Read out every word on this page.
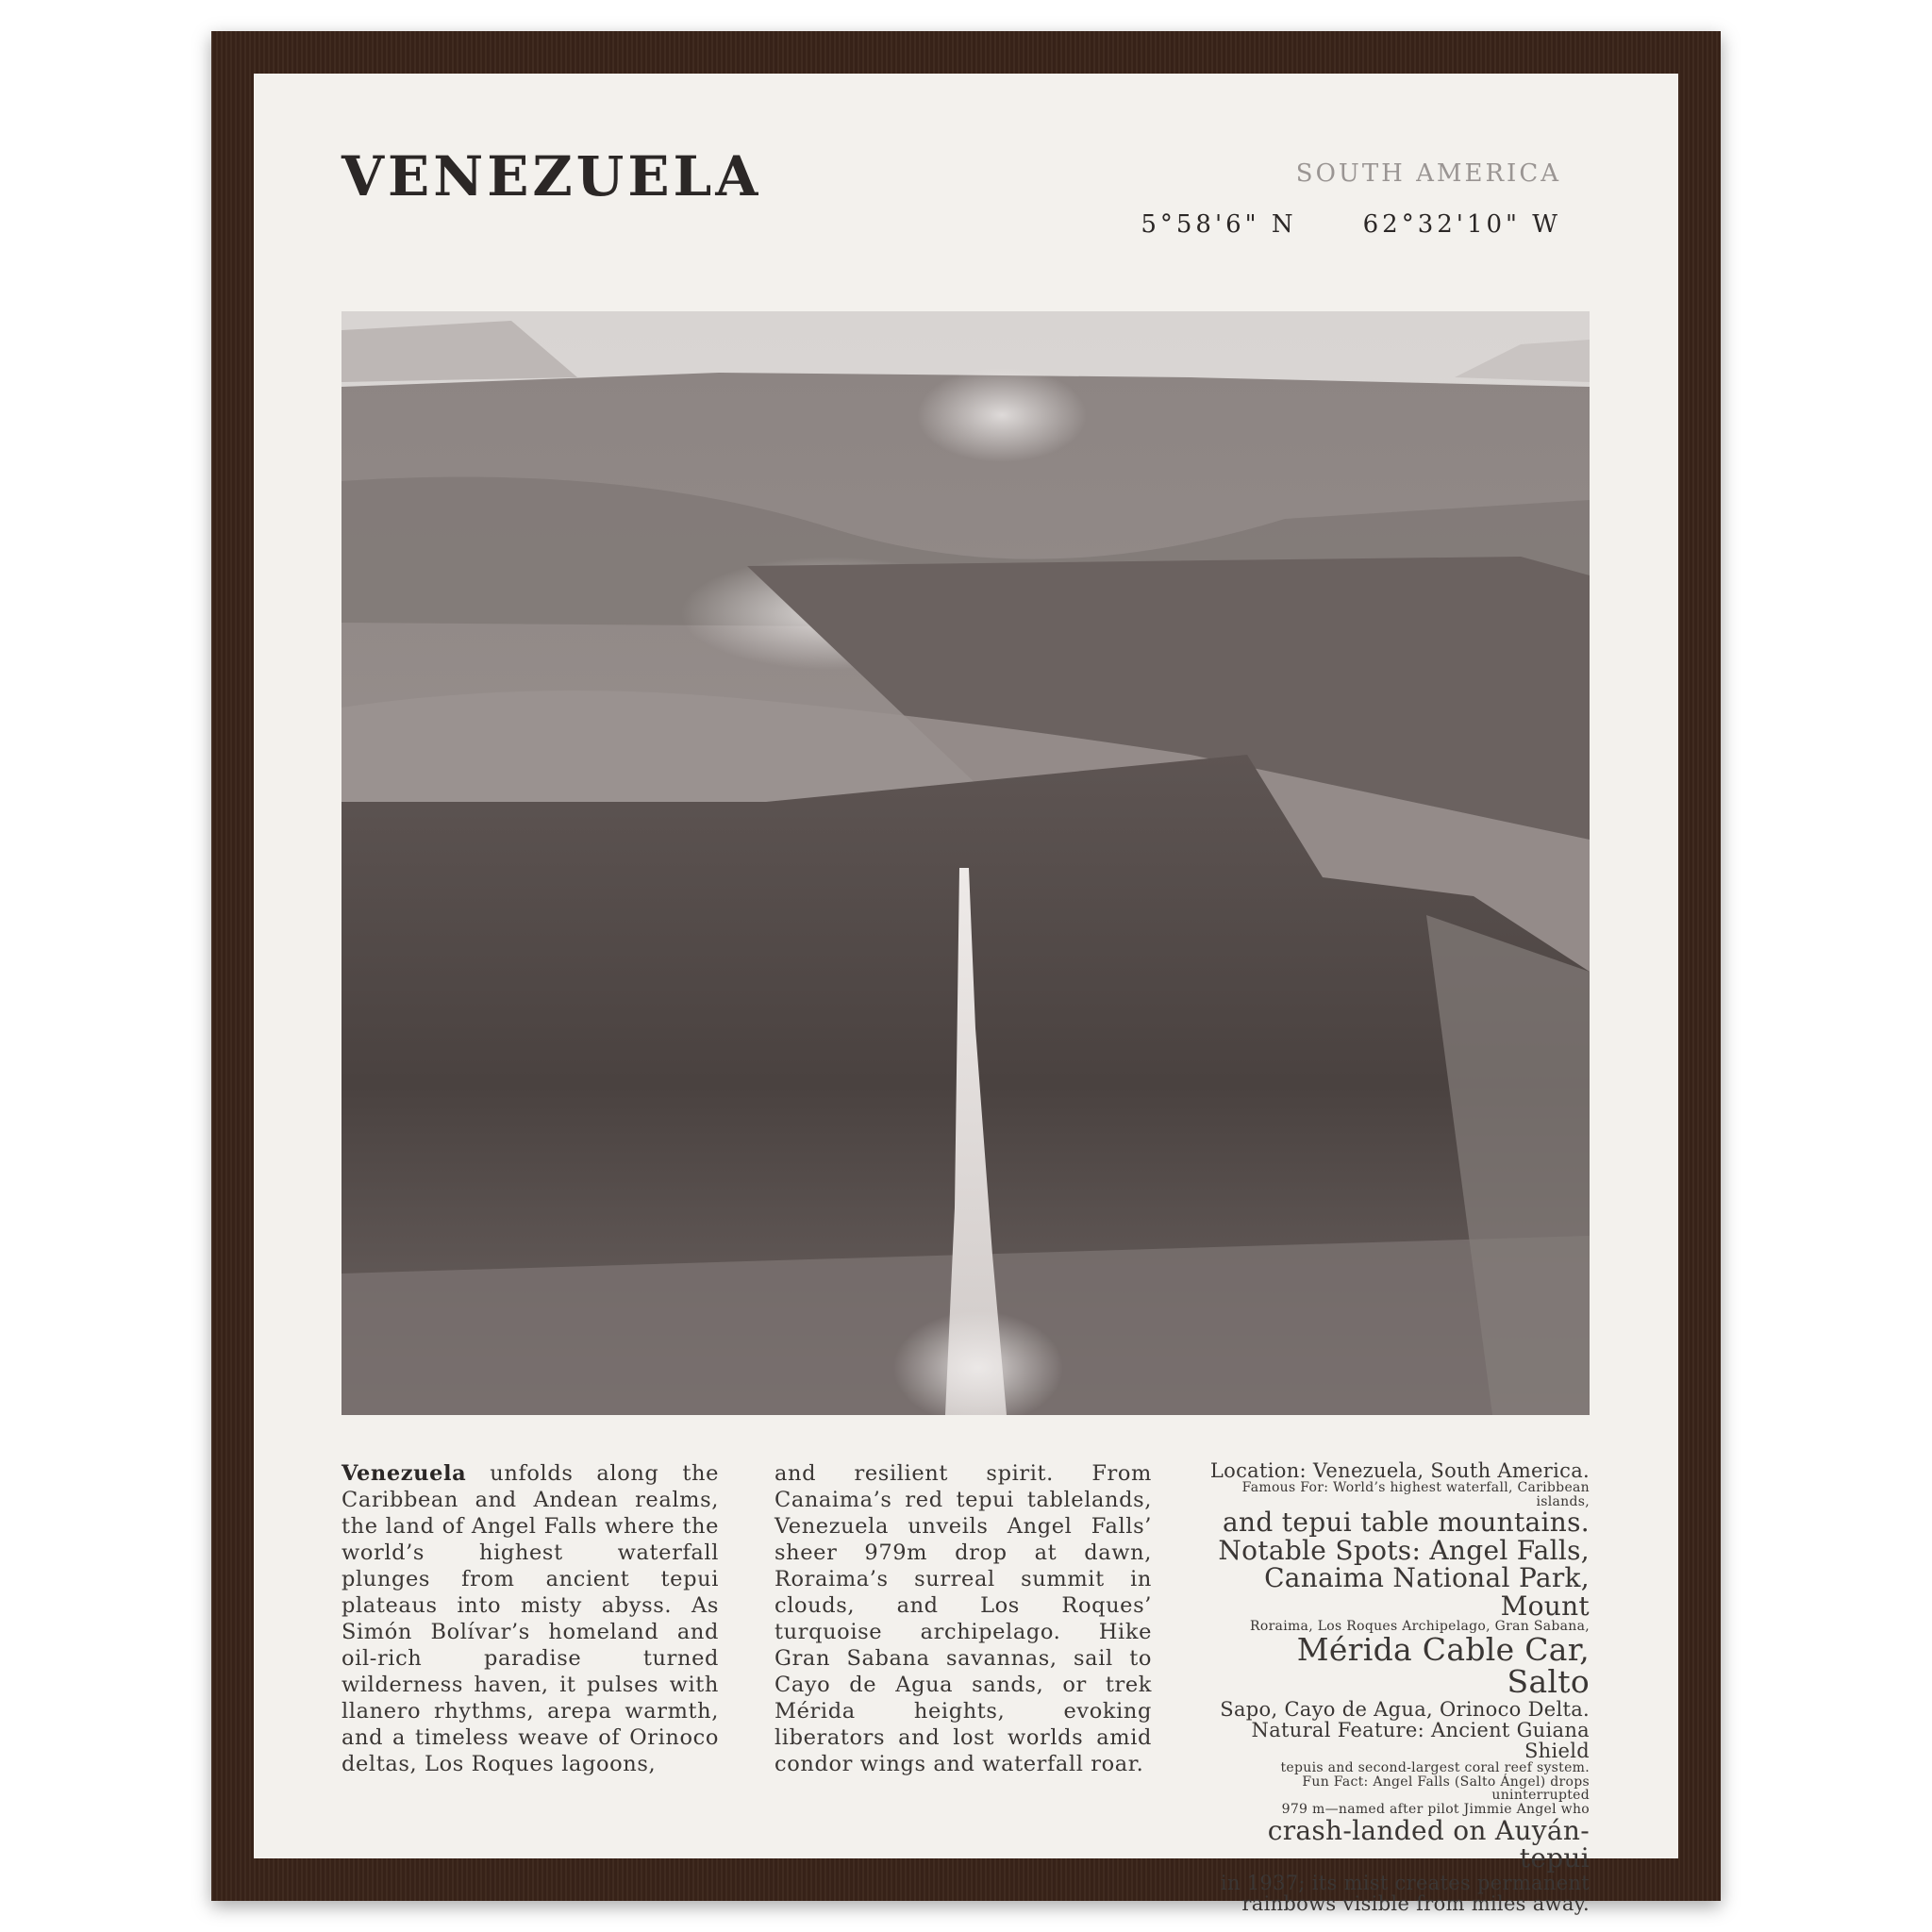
VENEZUELA	SOUTH AMERICA
5°58'6" N	62°32'10" W
Venezuela unfolds along the Caribbean and Andean realms, the land of Angel Falls where the world’s highest waterfall plunges from ancient tepui plateaus into misty abyss. As Simón Bolívar’s homeland and oil-rich paradise turned wilderness haven, it pulses with llanero rhythms, arepa warmth, and a timeless weave of Orinoco deltas, Los Roques lagoons,
and resilient spirit. From Canaima’s red tepui tablelands, Venezuela unveils Angel Falls’ sheer 979m drop at dawn, Roraima’s surreal summit in clouds, and Los Roques’ turquoise archipelago. Hike Gran Sabana savannas, sail to Cayo de Agua sands, or trek Mérida heights, evoking liberators and lost worlds amid condor wings and waterfall roar.
Location: Venezuela, South America.
Famous For: World’s highest waterfall, Caribbean islands,
and tepui table mountains.
Notable Spots: Angel Falls,
Canaima National Park, Mount
Roraima, Los Roques Archipelago, Gran Sabana,
Mérida Cable Car, Salto
Sapo, Cayo de Agua, Orinoco Delta.
Natural Feature: Ancient Guiana Shield
tepuis and second-largest coral reef system.
Fun Fact: Angel Falls (Salto Ángel) drops uninterrupted
979 m—named after pilot Jimmie Angel who
crash-landed on Auyán-tepui
in 1937; its mist creates permanent
rainbows visible from miles away.
